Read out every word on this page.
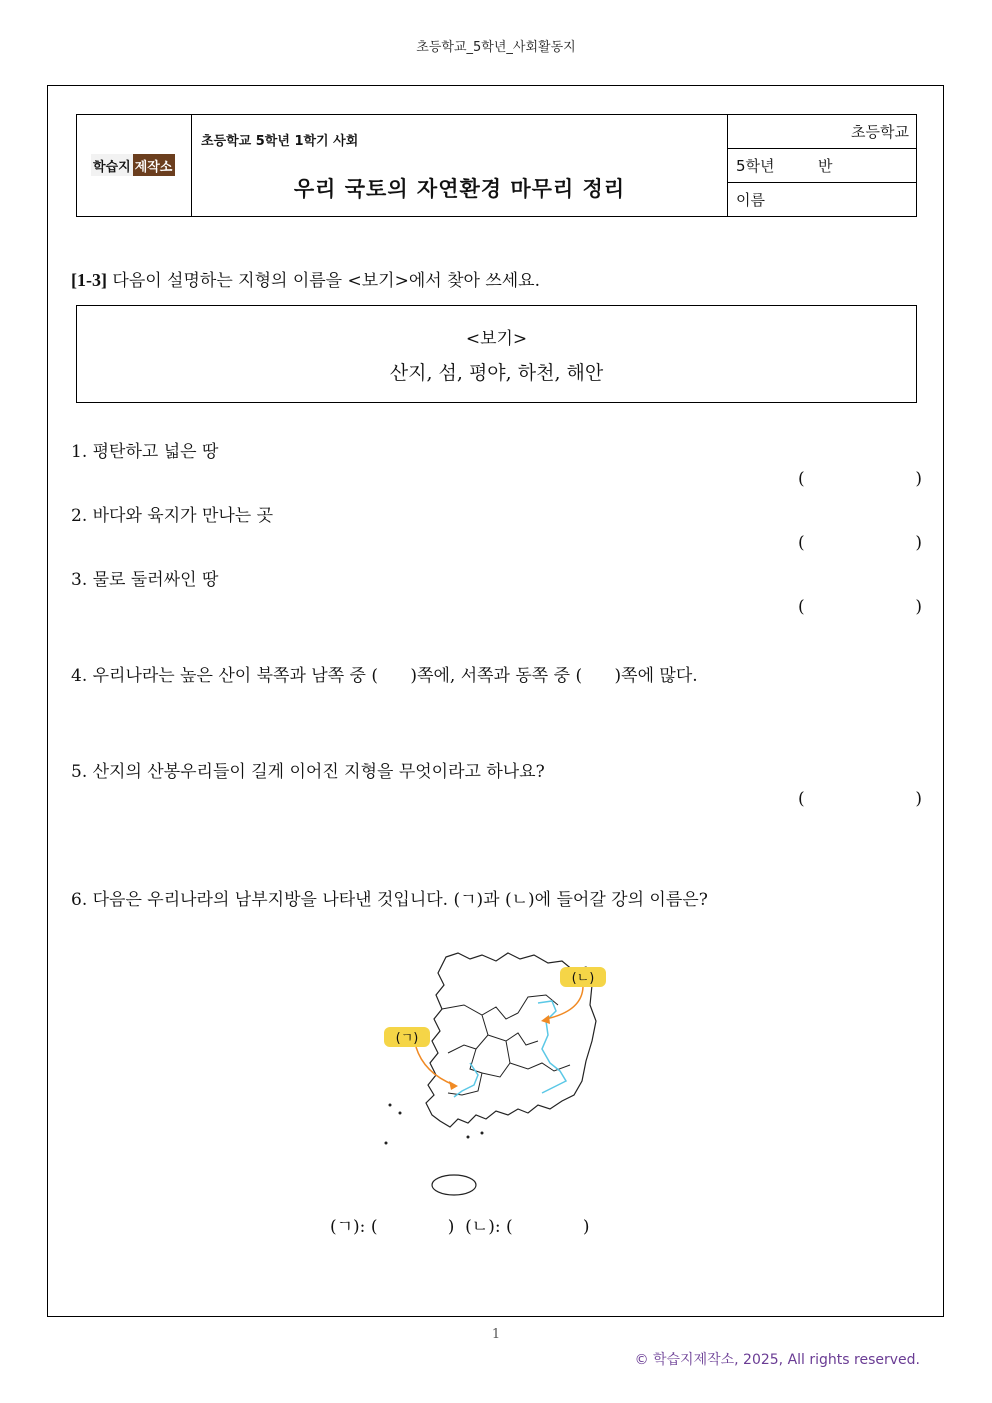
초등학교_5학년_사회활동지
학습지 제작소
초등학교 5학년 1학기 사회
우리 국토의 자연환경 마무리 정리
초등학교
5학년	반
이름
[1-3] 다음이 설명하는 지형의 이름을 <보기>에서 찾아 쓰세요.
<보기>
산지, 섬, 평야, 하천, 해안
1. 평탄하고 넓은 땅
(	)
2. 바다와 육지가 만나는 곳
(	)
3. 물로 둘러싸인 땅
(	)
4. 우리나라는 높은 산이 북쪽과 남쪽 중 (      )쪽에, 서쪽과 동쪽 중 (      )쪽에 많다.
5. 산지의 산봉우리들이 길게 이어진 지형을 무엇이라고 하나요?
(	)
6. 다음은 우리나라의 남부지방을 나타낸 것입니다. (ㄱ)과 (ㄴ)에 들어갈 강의 이름은?
(ㄱ)
(ㄴ)
(ㄱ): (             )  (ㄴ): (             )
1
© 학습지제작소, 2025, All rights reserved.
